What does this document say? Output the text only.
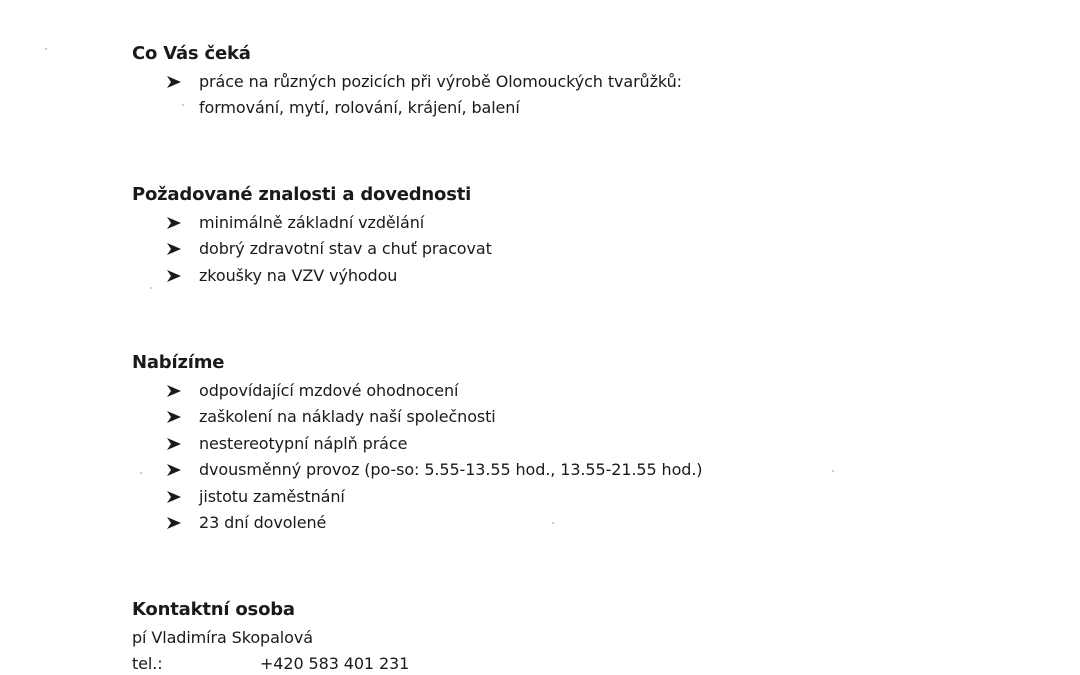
Co Vás čeká
práce na různých pozicích při výrobě Olomouckých tvarůžků:
formování, mytí, rolování, krájení, balení
Požadované znalosti a dovednosti
minimálně základní vzdělání
dobrý zdravotní stav a chuť pracovat
zkoušky na VZV výhodou
Nabízíme
odpovídající mzdové ohodnocení
zaškolení na náklady naší společnosti
nestereotypní náplň práce
dvousměnný provoz (po-so: 5.55-13.55 hod., 13.55-21.55 hod.)
jistotu zaměstnání
23 dní dovolené
Kontaktní osoba
pí Vladimíra Skopalová
tel.:	+420 583 401 231
